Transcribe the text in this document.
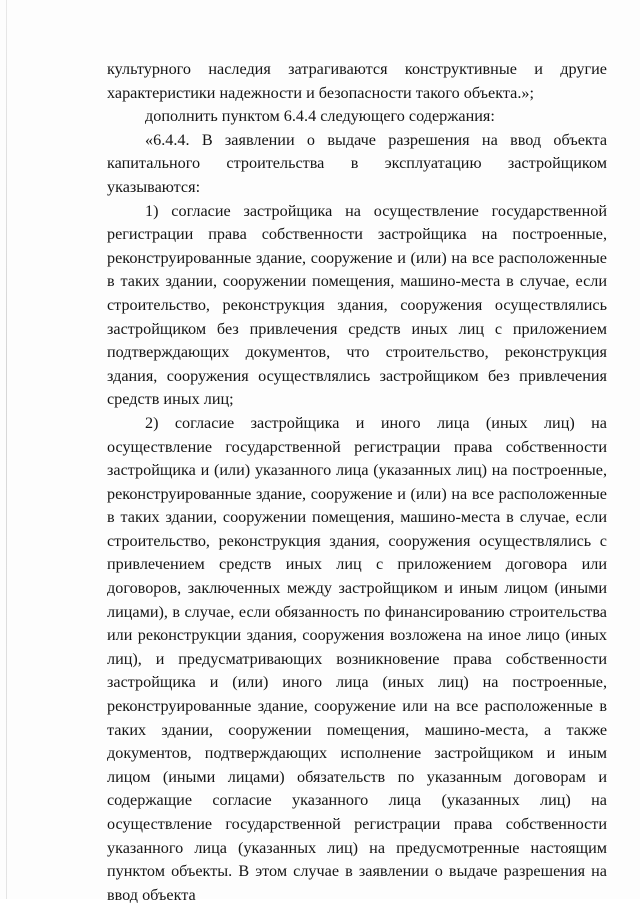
культурного наследия затрагиваются конструктивные и другие характеристики надежности и безопасности такого объекта.»;

дополнить пунктом 6.4.4 следующего содержания:

«6.4.4. В заявлении о выдаче разрешения на ввод объекта капитального строительства в эксплуатацию застройщиком указываются:

1) согласие застройщика на осуществление государственной регистрации права собственности застройщика на построенные, реконструированные здание, сооружение и (или) на все расположенные в таких здании, сооружении помещения, машино-места в случае, если строительство, реконструкция здания, сооружения осуществлялись застройщиком без привлечения средств иных лиц с приложением подтверждающих документов, что строительство, реконструкция здания, сооружения осуществлялись застройщиком без привлечения средств иных лиц;

2) согласие застройщика и иного лица (иных лиц) на осуществление государственной регистрации права собственности застройщика и (или) указанного лица (указанных лиц) на построенные, реконструированные здание, сооружение и (или) на все расположенные в таких здании, сооружении помещения, машино-места в случае, если строительство, реконструкция здания, сооружения осуществлялись с привлечением средств иных лиц с приложением договора или договоров, заключенных между застройщиком и иным лицом (иными лицами), в случае, если обязанность по финансированию строительства или реконструкции здания, сооружения возложена на иное лицо (иных лиц), и предусматривающих возникновение права собственности застройщика и (или) иного лица (иных лиц) на построенные, реконструированные здание, сооружение или на все расположенные в таких здании, сооружении помещения, машино-места, а также документов, подтверждающих исполнение застройщиком и иным лицом (иными лицами) обязательств по указанным договорам и содержащие согласие указанного лица (указанных лиц) на осуществление государственной регистрации права собственности указанного лица (указанных лиц) на предусмотренные настоящим пунктом объекты. В этом случае в заявлении о выдаче разрешения на ввод объекта
